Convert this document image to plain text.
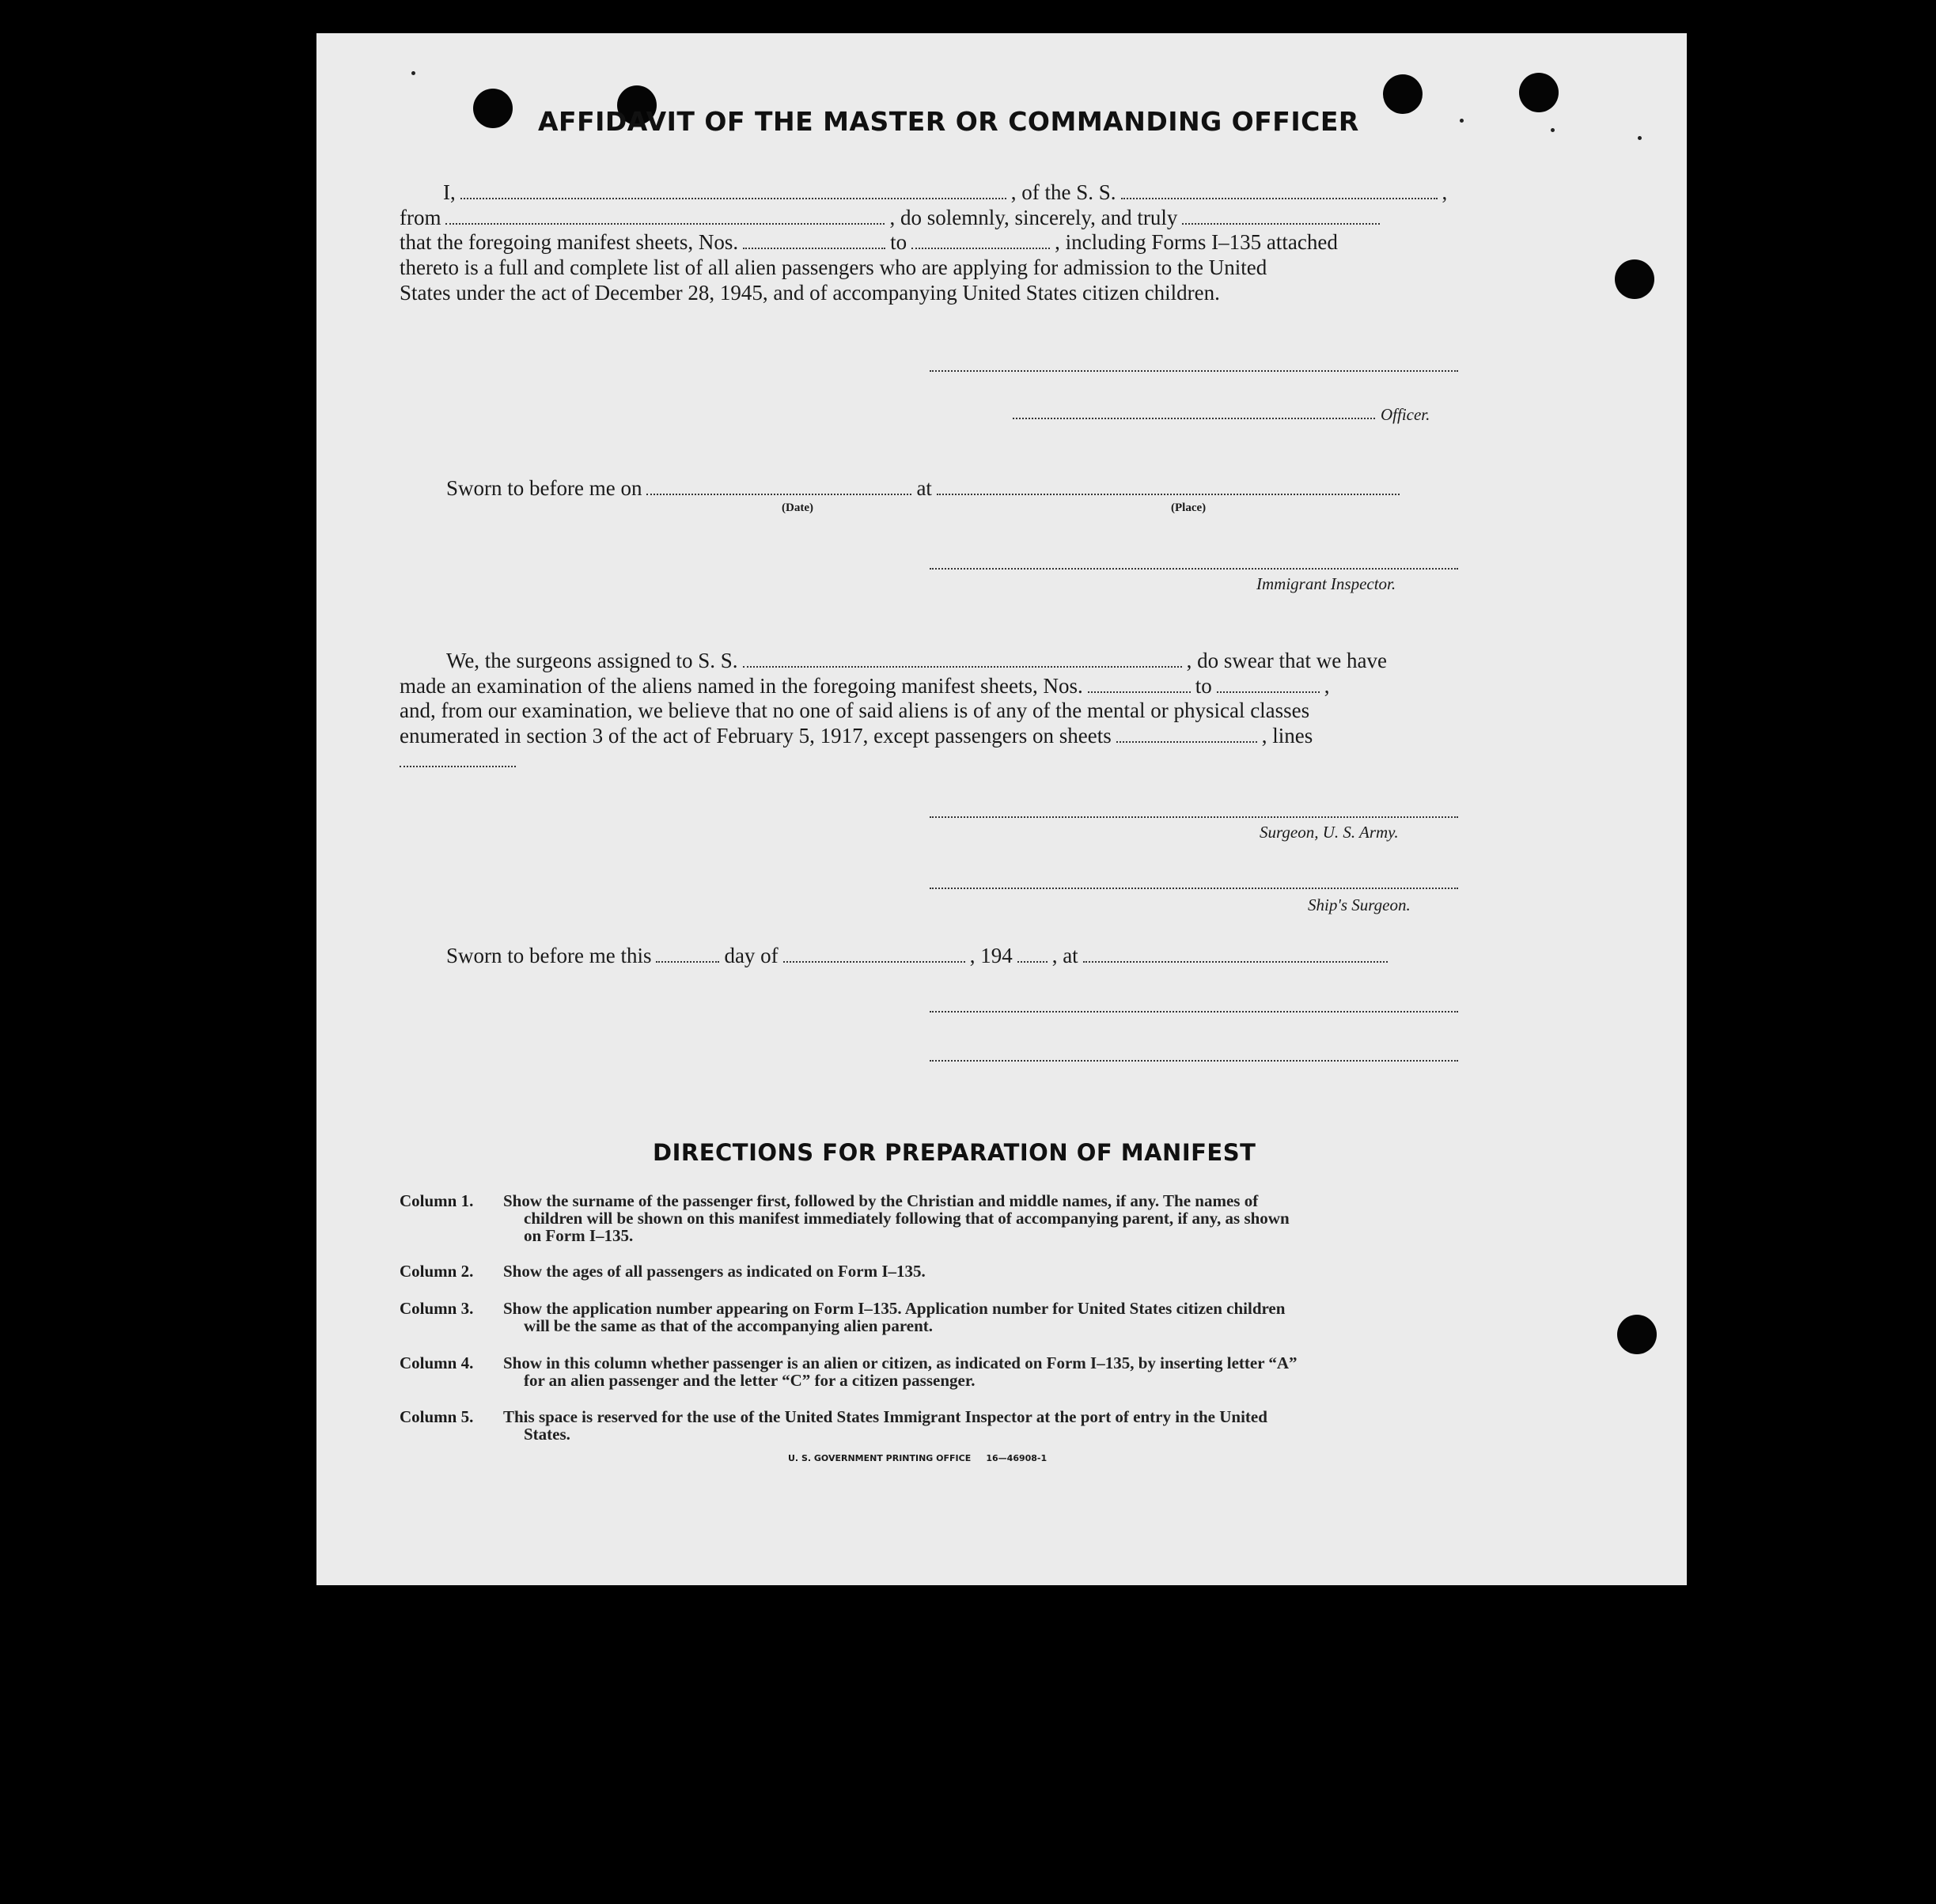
AFFIDAVIT OF THE MASTER OR COMMANDING OFFICER
I,	, of the S. S.	,
from	, do solemnly, sincerely, and truly
that the foregoing manifest sheets, Nos.	to	, including Forms I–135 attached
thereto is a full and complete list of all alien passengers who are applying for admission to the United
States under the act of December 28, 1945, and of accompanying United States citizen children.
Officer.
Sworn to before me on	at
(Date)	(Place)
Immigrant Inspector.
We, the surgeons assigned to S. S.	, do swear that we have
made an examination of the aliens named in the foregoing manifest sheets, Nos.	to	,
and, from our examination, we believe that no one of said aliens is of any of the mental or physical classes
enumerated in section 3 of the act of February 5, 1917, except passengers on sheets	, lines
Surgeon, U. S. Army.
Ship's Surgeon.
Sworn to before me this	day of	, 194 , at
DIRECTIONS FOR PREPARATION OF MANIFEST
Column 1. Show the surname of the passenger first, followed by the Christian and middle names, if any. The names of
children will be shown on this manifest immediately following that of accompanying parent, if any, as shown
on Form I–135.
Column 2. Show the ages of all passengers as indicated on Form I–135.
Column 3. Show the application number appearing on Form I–135. Application number for United States citizen children
will be the same as that of the accompanying alien parent.
Column 4. Show in this column whether passenger is an alien or citizen, as indicated on Form I–135, by inserting letter “A”
for an alien passenger and the letter “C” for a citizen passenger.
Column 5. This space is reserved for the use of the United States Immigrant Inspector at the port of entry in the United
States.
U. S. GOVERNMENT PRINTING OFFICE     16—46908-1
